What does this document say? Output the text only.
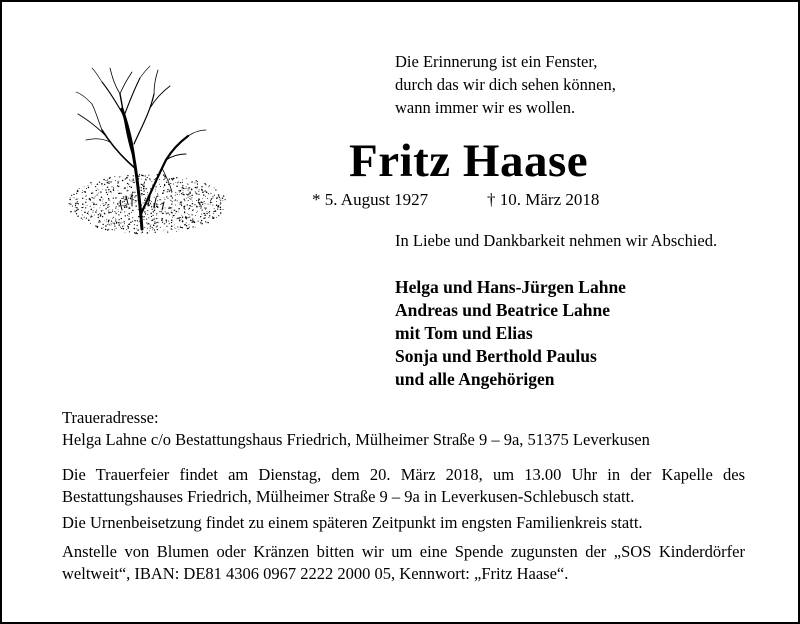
Die Erinnerung ist ein Fenster,
durch das wir dich sehen können,
wann immer wir es wollen.
Fritz Haase
* 5. August 1927	† 10. März 2018
In Liebe und Dankbarkeit nehmen wir Abschied.
Helga und Hans-Jürgen Lahne
Andreas und Beatrice Lahne
mit Tom und Elias
Sonja und Berthold Paulus
und alle Angehörigen
Traueradresse:
Helga Lahne c/o Bestattungshaus Friedrich, Mülheimer Straße 9 – 9a, 51375 Leverkusen
Die Trauerfeier findet am Dienstag, dem 20. März 2018, um 13.00 Uhr in der Kapelle des Bestattungshauses Friedrich, Mülheimer Straße 9 – 9a in Leverkusen-Schlebusch statt.
Die Urnenbeisetzung findet zu einem späteren Zeitpunkt im engsten Familienkreis statt.
Anstelle von Blumen oder Kränzen bitten wir um eine Spende zugunsten der „SOS Kinderdörfer weltweit“, IBAN: DE81 4306 0967 2222 2000 05, Kennwort: „Fritz Haase“.
